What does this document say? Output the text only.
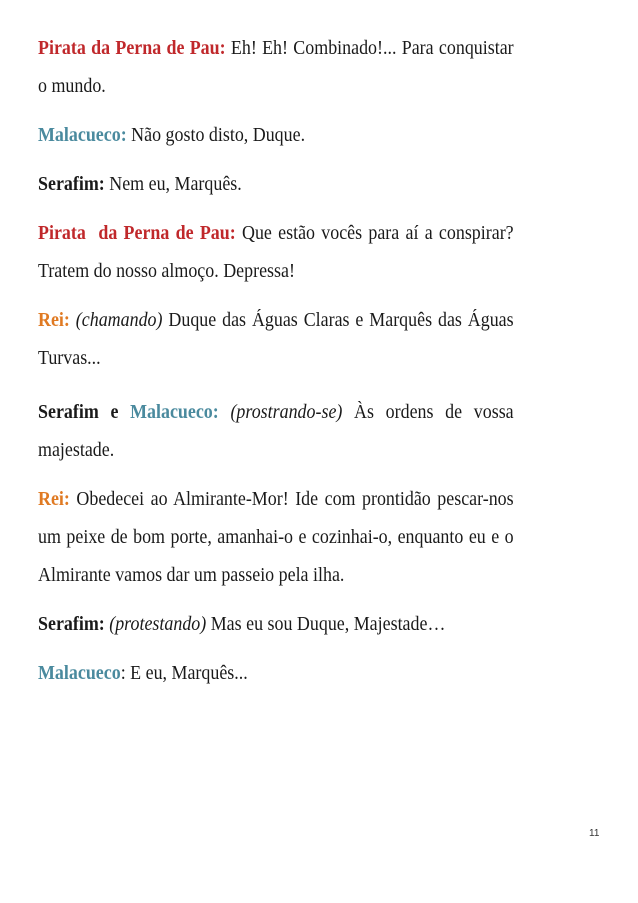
Pirata da Perna de Pau: Eh! Eh! Combinado!... Para conquistar o mundo.

Malacueco: Não gosto disto, Duque.

Serafim: Nem eu, Marquês.

Pirata  da Perna de Pau: Que estão vocês para aí a conspirar? Tratem do nosso almoço. Depressa!

Rei: (chamando) Duque das Águas Claras e Marquês das Águas Turvas...

Serafim e Malacueco: (prostrando-se) Às ordens de vossa majestade.

Rei: Obedecei ao Almirante-Mor! Ide com prontidão pescar-nos um peixe de bom porte, amanhai-o e cozinhai-o, enquanto eu e o Almirante vamos dar um passeio pela ilha.

Serafim: (protestando) Mas eu sou Duque, Majestade…

Malacueco: E eu, Marquês...

11
